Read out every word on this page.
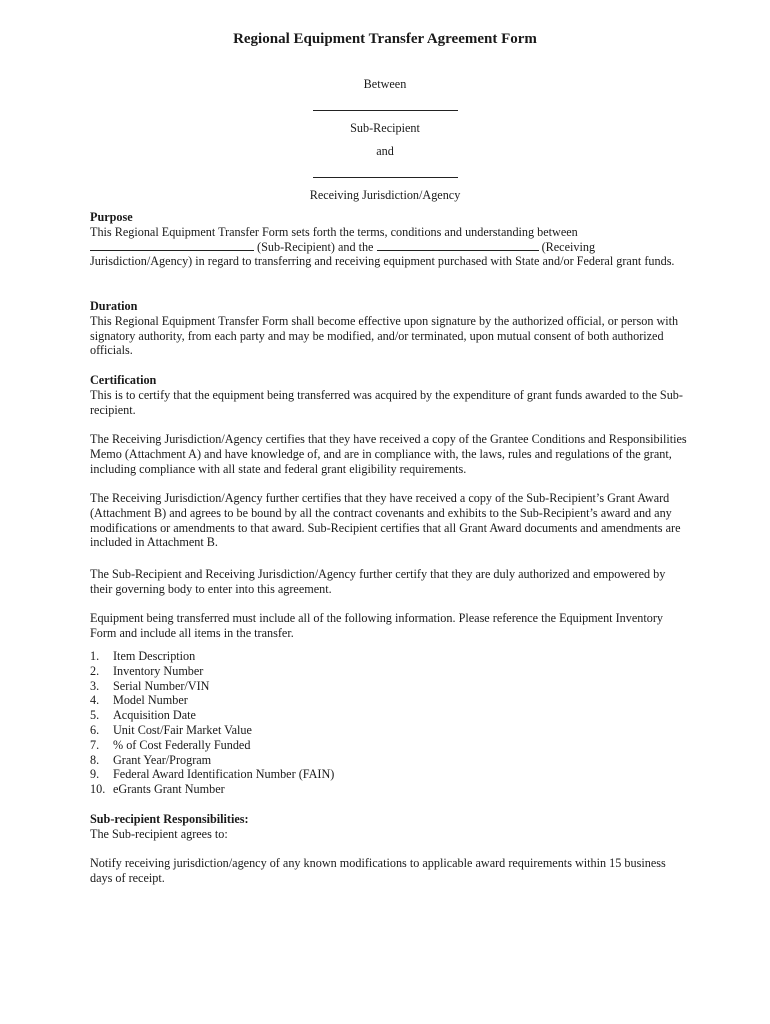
Regional Equipment Transfer Agreement Form
Between
Sub-Recipient
and
Receiving Jurisdiction/Agency
Purpose

This Regional Equipment Transfer Form sets forth the terms, conditions and understanding between
(Sub-Recipient) and the	(Receiving Jurisdiction/Agency) in regard to transferring and receiving equipment purchased with State and/or Federal grant funds.

Duration

This Regional Equipment Transfer Form shall become effective upon signature by the authorized official, or person with signatory authority, from each party and may be modified, and/or terminated, upon mutual consent of both authorized officials.

Certification

This is to certify that the equipment being transferred was acquired by the expenditure of grant funds awarded to the Sub-recipient.

The Receiving Jurisdiction/Agency certifies that they have received a copy of the Grantee Conditions and Responsibilities Memo (Attachment A) and have knowledge of, and are in compliance with, the laws, rules and regulations of the grant, including compliance with all state and federal grant eligibility requirements.

The Receiving Jurisdiction/Agency further certifies that they have received a copy of the Sub-Recipient’s Grant Award (Attachment B) and agrees to be bound by all the contract covenants and exhibits to the Sub-Recipient’s award and any modifications or amendments to that award. Sub-Recipient certifies that all Grant Award documents and amendments are included in Attachment B.

The Sub-Recipient and Receiving Jurisdiction/Agency further certify that they are duly authorized and empowered by their governing body to enter into this agreement.

Equipment being transferred must include all of the following information. Please reference the Equipment Inventory Form and include all items in the transfer.

1. Item Description
2. Inventory Number
3. Serial Number/VIN
4. Model Number
5. Acquisition Date
6. Unit Cost/Fair Market Value
7. % of Cost Federally Funded
8. Grant Year/Program
9. Federal Award Identification Number (FAIN)
10. eGrants Grant Number
Sub-recipient Responsibilities:

The Sub-recipient agrees to:

Notify receiving jurisdiction/agency of any known modifications to applicable award requirements within 15 business days of receipt.
